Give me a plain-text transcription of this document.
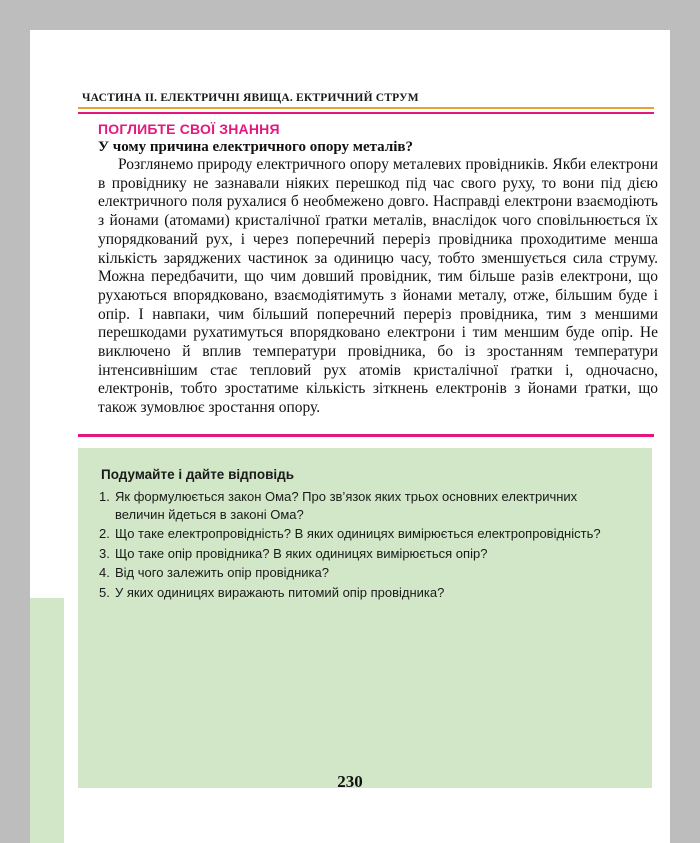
ЧАСТИНА II. ЕЛЕКТРИЧНІ ЯВИЩА. ЕКТРИЧНИЙ СТРУМ
ПОГЛИБТЕ СВОЇ ЗНАННЯ
У чому причина електричного опору металів?

Розглянемо природу електричного опору металевих провідників. Якби електрони в провіднику не зазнавали ніяких перешкод під час свого руху, то вони під дією електричного поля рухалися б необмежено довго. Насправді електрони взаємодіють з йонами (атомами) кристалічної ґратки металів, внаслідок чого сповільнюється їх упорядкований рух, і через поперечний переріз провідника проходитиме менша кількість заряджених частинок за одиницю часу, тобто зменшується сила струму. Можна передбачити, що чим довший провідник, тим більше разів електрони, що рухаються впорядковано, взаємодіятимуть з йонами металу, отже, більшим буде і опір. І навпаки, чим більший поперечний переріз провідника, тим з меншими перешкодами рухатимуться впорядковано електрони і тим меншим буде опір. Не виключено й вплив температури провідника, бо із зростанням температури інтенсивнішим стає тепловий рух атомів кристалічної ґратки і, одночасно, електронів, тобто зростатиме кількість зіткнень електронів з йонами ґратки, що також зумовлює зростання опору.

Подумайте і дайте відповідь
1. Як формулюється закон Ома? Про зв’язок яких трьох основних електричних величин йдеться в законі Ома?
2. Що таке електропровідність? В яких одиницях вимірюється електропровідність?
3. Що таке опір провідника? В яких одиницях вимірюється опір?
4. Від чого залежить опір провідника?
5. У яких одиницях виражають питомий опір провідника?
230
